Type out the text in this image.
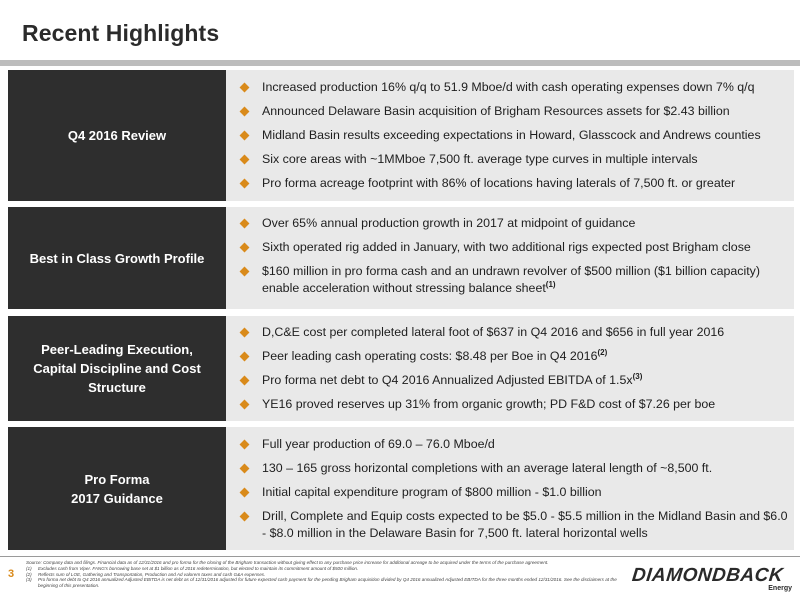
Recent Highlights
Q4 2016 Review
Increased production 16% q/q to 51.9 Mboe/d with cash operating expenses down 7% q/q
Announced Delaware Basin acquisition of Brigham Resources assets for $2.43 billion
Midland Basin results exceeding expectations in Howard, Glasscock and Andrews counties
Six core areas with ~1MMboe 7,500 ft. average type curves in multiple intervals
Pro forma acreage footprint with 86% of locations having laterals of 7,500 ft. or greater
Best in Class Growth Profile
Over 65% annual production growth in 2017 at midpoint of guidance
Sixth operated rig added in January, with two additional rigs expected post Brigham close
$160 million in pro forma cash and an undrawn revolver of $500 million ($1 billion capacity) enable acceleration without stressing balance sheet$^{(1)}$
Peer-Leading Execution, Capital Discipline and Cost Structure
D,C&E cost per completed lateral foot of $637 in Q4 2016 and $656 in full year 2016
Peer leading cash operating costs: $8.48 per Boe in Q4 2016$^{(2)}$
Pro forma net debt to Q4 2016 Annualized Adjusted EBITDA of $1.5x^{(3)}$
YE16 proved reserves up 31% from organic growth; PD F&D cost of $7.26 per boe
Pro Forma
2017 Guidance
Full year production of 69.0 – 76.0 Mboe/d
130 – 165 gross horizontal completions with an average lateral length of ~8,500 ft.
Initial capital expenditure program of $800 million - $1.0 billion
Drill, Complete and Equip costs expected to be $5.0 - $5.5 million in the Midland Basin and $6.0 - $8.0 million in the Delaware Basin for 7,500 ft. lateral horizontal wells
3
Source: Company data and filings. Financial data as of 12/31/2016 and pro forma for the closing of the Brigham transaction without giving effect to any purchase price increase for additional acreage to be acquired under the terms of the purchase agreement.
(1)	Excludes cash from Viper. FANG's borrowing base set at $1 billion as of 2016 redetermination, but elected to maintain its commitment amount of $500 million.
(2)	Reflects sum of LOE, Gathering and Transportation, Production and Ad valorem taxes and cash G&A expenses.
(3)	Pro forma net debt to Q4 2016 annualized Adjusted EBITDA is net debt as of 12/31/2016 adjusted for future expected cash payment for the pending Brigham acquisition divided by Q4 2016 annualized Adjusted EBITDA for the three months ended 12/31/2016. See the disclaimers at the beginning of this presentation.	DIAMONDBACK
Energy
